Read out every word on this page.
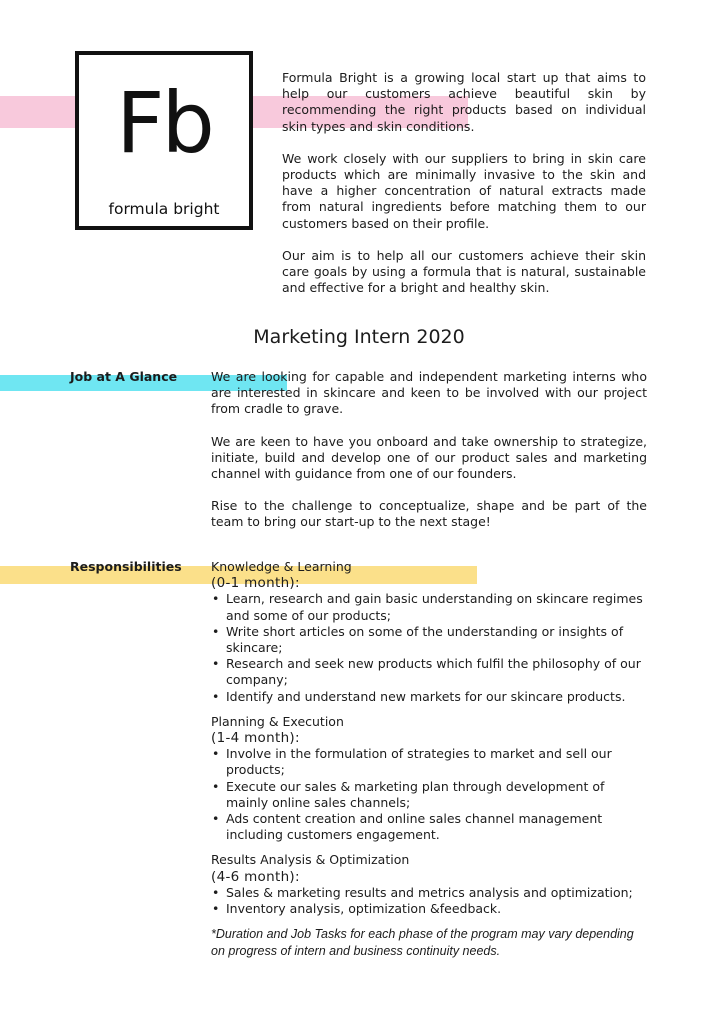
Fb
formula bright

Formula Bright is a growing local start up that aims to help our customers achieve beautiful skin by recommending the right products based on individual skin types and skin conditions.

We work closely with our suppliers to bring in skin care products which are minimally invasive to the skin and have a higher concentration of natural extracts made from natural ingredients before matching them to our customers based on their profile.

Our aim is to help all our customers achieve their skin care goals by using a formula that is natural, sustainable and effective for a bright and healthy skin.

Marketing Intern 2020
Job at A Glance	We are looking for capable and independent marketing interns who are interested in skincare and keen to be involved with our project from cradle to grave.

We are keen to have you onboard and take ownership to strategize, initiate, build and develop one of our product sales and marketing channel with guidance from one of our founders.

Rise to the challenge to conceptualize, shape and be part of the team to bring our start-up to the next stage!

Responsibilities Knowledge & Learning
(0-1 month):
• Learn, research and gain basic understanding on skincare regimes and some of our products;
• Write short articles on some of the understanding or insights of skincare;
• Research and seek new products which fulfil the philosophy of our company;
• Identify and understand new markets for our skincare products.
Planning & Execution
(1-4 month):
• Involve in the formulation of strategies to market and sell our products;
• Execute our sales & marketing plan through development of mainly online sales channels;
• Ads content creation and online sales channel management including customers engagement.
Results Analysis & Optimization
(4-6 month):
• Sales & marketing results and metrics analysis and optimization;
• Inventory analysis, optimization &feedback.
*Duration and Job Tasks for each phase of the program may vary depending on progress of intern and business continuity needs.
